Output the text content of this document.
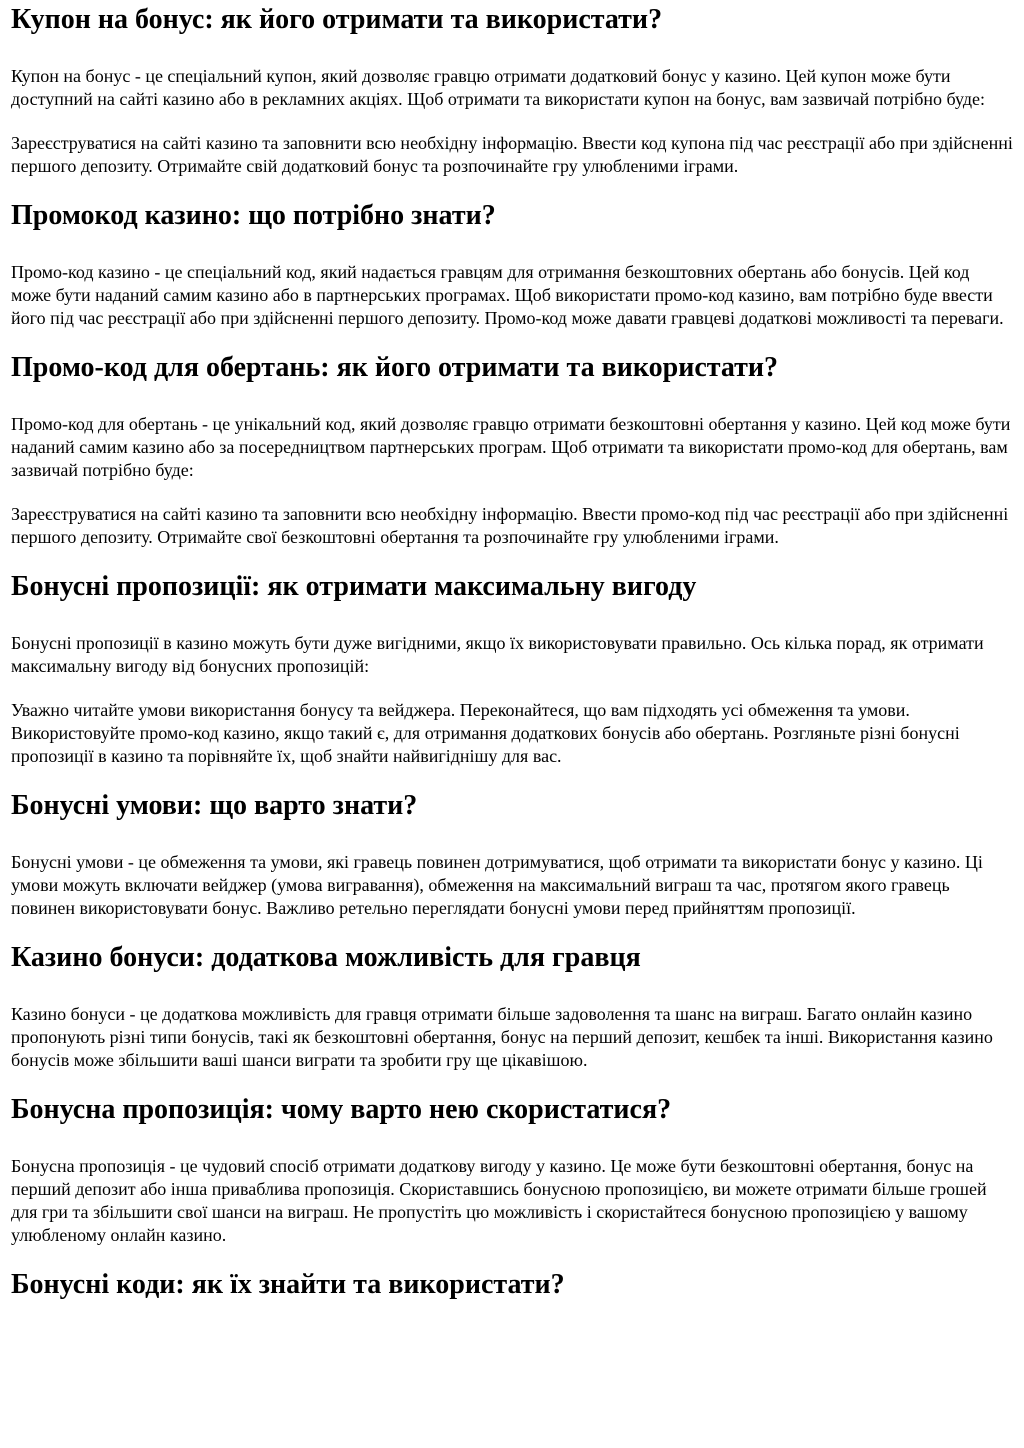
Купон на бонус: як його отримати та використати?

Купон на бонус - це спеціальний купон, який дозволяє гравцю отримати додатковий бонус у казино. Цей купон може бути доступний на сайті казино або в рекламних акціях. Щоб отримати та використати купон на бонус, вам зазвичай потрібно буде:

Зареєструватися на сайті казино та заповнити всю необхідну інформацію. Ввести код купона під час реєстрації або при здійсненні першого депозиту. Отримайте свій додатковий бонус та розпочинайте гру улюбленими іграми.

Промокод казино: що потрібно знати?

Промо-код казино - це спеціальний код, який надається гравцям для отримання безкоштовних обертань або бонусів. Цей код може бути наданий самим казино або в партнерських програмах. Щоб використати промо-код казино, вам потрібно буде ввести його під час реєстрації або при здійсненні першого депозиту. Промо-код може давати гравцеві додаткові можливості та переваги.

Промо-код для обертань: як його отримати та використати?

Промо-код для обертань - це унікальний код, який дозволяє гравцю отримати безкоштовні обертання у казино. Цей код може бути наданий самим казино або за посередництвом партнерських програм. Щоб отримати та використати промо-код для обертань, вам зазвичай потрібно буде:

Зареєструватися на сайті казино та заповнити всю необхідну інформацію. Ввести промо-код під час реєстрації або при здійсненні першого депозиту. Отримайте свої безкоштовні обертання та розпочинайте гру улюбленими іграми.

Бонусні пропозиції: як отримати максимальну вигоду

Бонусні пропозиції в казино можуть бути дуже вигідними, якщо їх використовувати правильно. Ось кілька порад, як отримати максимальну вигоду від бонусних пропозицій:

Уважно читайте умови використання бонусу та вейджера. Переконайтеся, що вам підходять усі обмеження та умови. Використовуйте промо-код казино, якщо такий є, для отримання додаткових бонусів або обертань. Розгляньте різні бонусні пропозиції в казино та порівняйте їх, щоб знайти найвигіднішу для вас.

Бонусні умови: що варто знати?

Бонусні умови - це обмеження та умови, які гравець повинен дотримуватися, щоб отримати та використати бонус у казино. Ці умови можуть включати вейджер (умова вигравання), обмеження на максимальний виграш та час, протягом якого гравець повинен використовувати бонус. Важливо ретельно переглядати бонусні умови перед прийняттям пропозиції.

Казино бонуси: додаткова можливість для гравця

Казино бонуси - це додаткова можливість для гравця отримати більше задоволення та шанс на виграш. Багато онлайн казино пропонують різні типи бонусів, такі як безкоштовні обертання, бонус на перший депозит, кешбек та інші. Використання казино бонусів може збільшити ваші шанси виграти та зробити гру ще цікавішою.

Бонусна пропозиція: чому варто нею скористатися?

Бонусна пропозиція - це чудовий спосіб отримати додаткову вигоду у казино. Це може бути безкоштовні обертання, бонус на перший депозит або інша приваблива пропозиція. Скориставшись бонусною пропозицією, ви можете отримати більше грошей для гри та збільшити свої шанси на виграш. Не пропустіть цю можливість і скористайтеся бонусною пропозицією у вашому улюбленому онлайн казино.

Бонусні коди: як їх знайти та використати?
